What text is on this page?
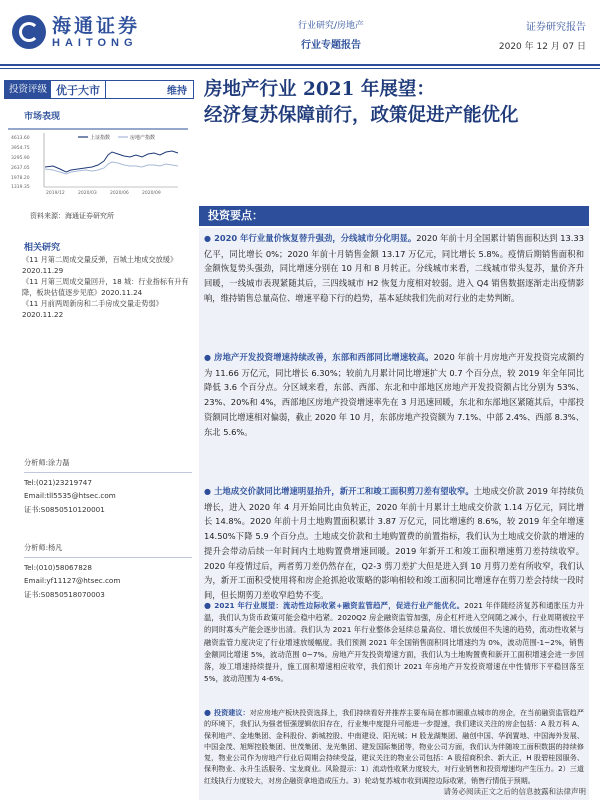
海通证券
HAITONG
行业研究/房地产
行业专题报告
证券研究报告
2020 年 12 月 07 日
投资评级 优于大市	维持 房地产行业 2021 年展望：
经济复苏保障前行，政策促进产能优化
市场表现
4613.60
3954.75
3295.90
2637.05
1978.20
1319.35
2019/12	2020/03	2020/06	2020/09
上证指数	房地产指数
资料来源：海通证券研究所
相关研究
《11 月第二周成交量反弹，百城土地成交放缓》2020.11.29
《11 月第三周成交量回升，18 城：行业指标有升有降，板块估值逐步见底》2020.11.24
《11 月前两周新房和二手房成交量走势弱》2020.11.22
分析师:涂力磊
Tel:(021)23219747
Email:tll5535@htsec.com
证书:S0850510120001
分析师:杨凡
Tel:(010)58067828
Email:yf11127@htsec.com
证书:S0850518070003
投资要点：
● 2020 年行业量价恢复替升强劲，分线城市分化明显。2020 年前十月全国累计销售面积达到 13.33 亿平，同比增长 0%；2020 年前十月销售金额 13.17 万亿元，同比增长 5.8%。疫情后期销售面积和金额恢复势头强劲，同比增速分别在 10 月和 8 月转正。分线城市来看，二线城市带头复苏，量价齐升回暖，一线城市表现紧随其后，三四线城市 H2 恢复力度相对较弱。进入 Q4 销售数据逐渐走出疫情影响，维持销售总量高位、增速平稳下行的趋势，基本延续我们先前对行业的走势判断。
● 房地产开发投资增速持续改善，东部和西部同比增速较高。2020 年前十月房地产开发投资完成额约为 11.66 万亿元，同比增长 6.30%；较前九月累计同比增速扩大 0.7 个百分点，较 2019 年全年同比降低 3.6 个百分点。分区域来看，东部、西部、东北和中部地区房地产开发投资额占比分别为 53%、23%、20%和 4%，西部地区房地产投资增速率先在 3 月迅速回暖，东北和东部地区紧随其后，中部投资额同比增速相对偏弱，截止 2020 年 10 月，东部房地产投资额为 7.1%、中部 2.4%、西部 8.3%、东北 5.6%。
● 土地成交价款同比增速明显抬升，新开工和竣工面积剪刀差有望收窄。土地成交价款 2019 年持续负增长，进入 2020 年 4 月开始同比由负转正，2020 年前十月累计土地成交价款 1.14 万亿元，同比增长 14.8%。2020 年前十月土地购置面积累计 3.87 万亿元，同比增速约 8.6%，较 2019 年全年增速 14.50%下降 5.9 个百分点。土地成交价款和土地购置费的前置指标，我们认为土地成交价款的增速的提升会带动后续一年时间内土地购置费增速回暖。2019 年新开工和竣工面积增速剪刀差持续收窄。2020 年疫情过后，两者剪刀差仍然存在，Q2-3 剪刀差扩大但是进入到 10 月剪刀差有所收窄，我们认为，新开工面积受使用将和房企抢抓抢收策略的影响相较和竣工面积同比增速存在剪刀差会持续一段时间，但长期剪刀差收窄趋势不变。
● 2021 年行业展望：流动性边际收紧+融资监管趋严，促进行业产能优化。2021 年伴随经济复苏和通胀压力升温，我们认为货币政策可能会稳中趋紧。2020Q2 房企融资监管加强，房企杠杆进入空间随之减小，行业周期被拉平的同时寡头产能会逐步出清。我们认为 2021 年行业整体会延续总量高位、增长放缓但不失速的趋势，流动性收紧与融资监管力度决定了行业增速放缓幅度。我们预测 2021 年全国销售面积同比增速约为 0%，波动范围-1~2%，销售金额同比增速 5%，波动范围 0~7%。房地产开发投资增速方面，我们认为土地购置费和新开工面积增速会进一步回落，竣工增速持续提升，施工面积增速相应收窄，我们预计 2021 年房地产开发投资增速在中性情形下平稳回落至 5%，波动范围为 4-6%。
● 投资建议：对应房地产板块投资选择上，我们持续看好并推荐主要布局在都市圈重点城市的房企，在当前融资监管趋严的环境下，我们认为强者恒强逻辑依旧存在，行业集中度提升可能进一步提速，我们建议关注的房企包括：A 股万科 A、保利地产、金地集团、金科股份、新城控股、中南建设、阳光城；H 股龙湖集团、融创中国、华润置地、中国海外发展、中国金茂、旭辉控股集团、世茂集团、龙光集团、建发国际集团等，物业公司方面，我们认为伴随竣工面积数据的持续修复，物业公司作为房地产行业后周期会持续受益，建议关注的物业公司包括：A 股招商积余、新大正，H 股碧桂园服务、保利物业、永升生活服务、宝龙商业。风险提示：1）流动性收紧力度较大，对行业销售和投资增速均产生压力。2）三道红线执行力度较大，对房企融资拿地造成压力。3）轮动复苏城市收到调控边际收紧，销售行情低于预期。
请务必阅读正文之后的信息披露和法律声明
